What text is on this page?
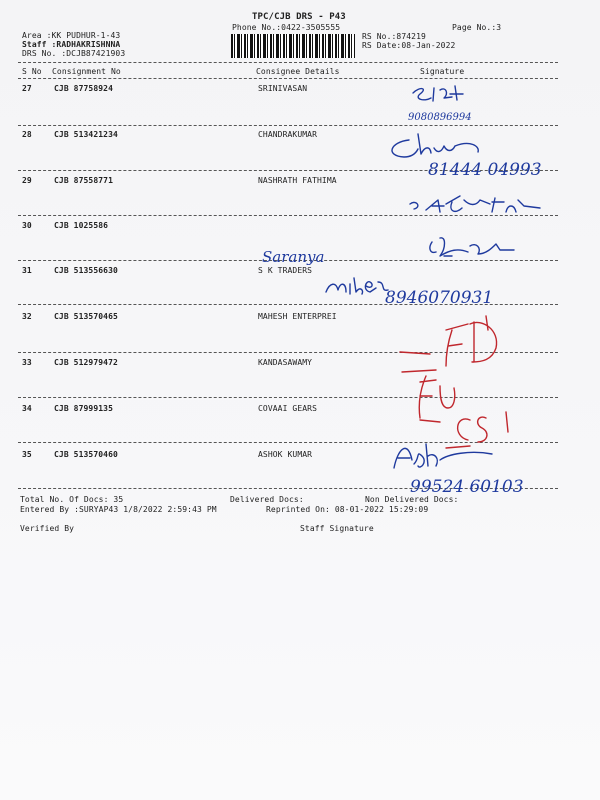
TPC/CJB DRS - P43
Phone No.:0422-3505555	Page No.:3
Area :KK PUDHUR-1-43
Staff :RADHAKRISHNNA
DRS No. :DCJB87421903
RS No.:874219
RS Date:08-Jan-2022
S No Consignment No	Consignee Details	Signature
27	CJB 87758924	SRINIVASAN
28	CJB 513421234	CHANDRAKUMAR
29	CJB 87558771	NASHRATH FATHIMA
30	CJB 1025586
31	CJB 513556630	S K TRADERS
32	CJB 513570465	MAHESH ENTERPREI
33	CJB 512979472	KANDASAWAMY
34	CJB 87999135	COVAAI GEARS
35	CJB 513570460	ASHOK KUMAR
Total No. Of Docs: 35	Delivered Docs:	Non Delivered Docs:
Entered By :SURYAP43 1/8/2022 2:59:43 PM	Reprinted On: 08-01-2022 15:29:09
Verified By	Staff Signature
9080896994
81444 04993
Saranya
8946070931
99524 60103
